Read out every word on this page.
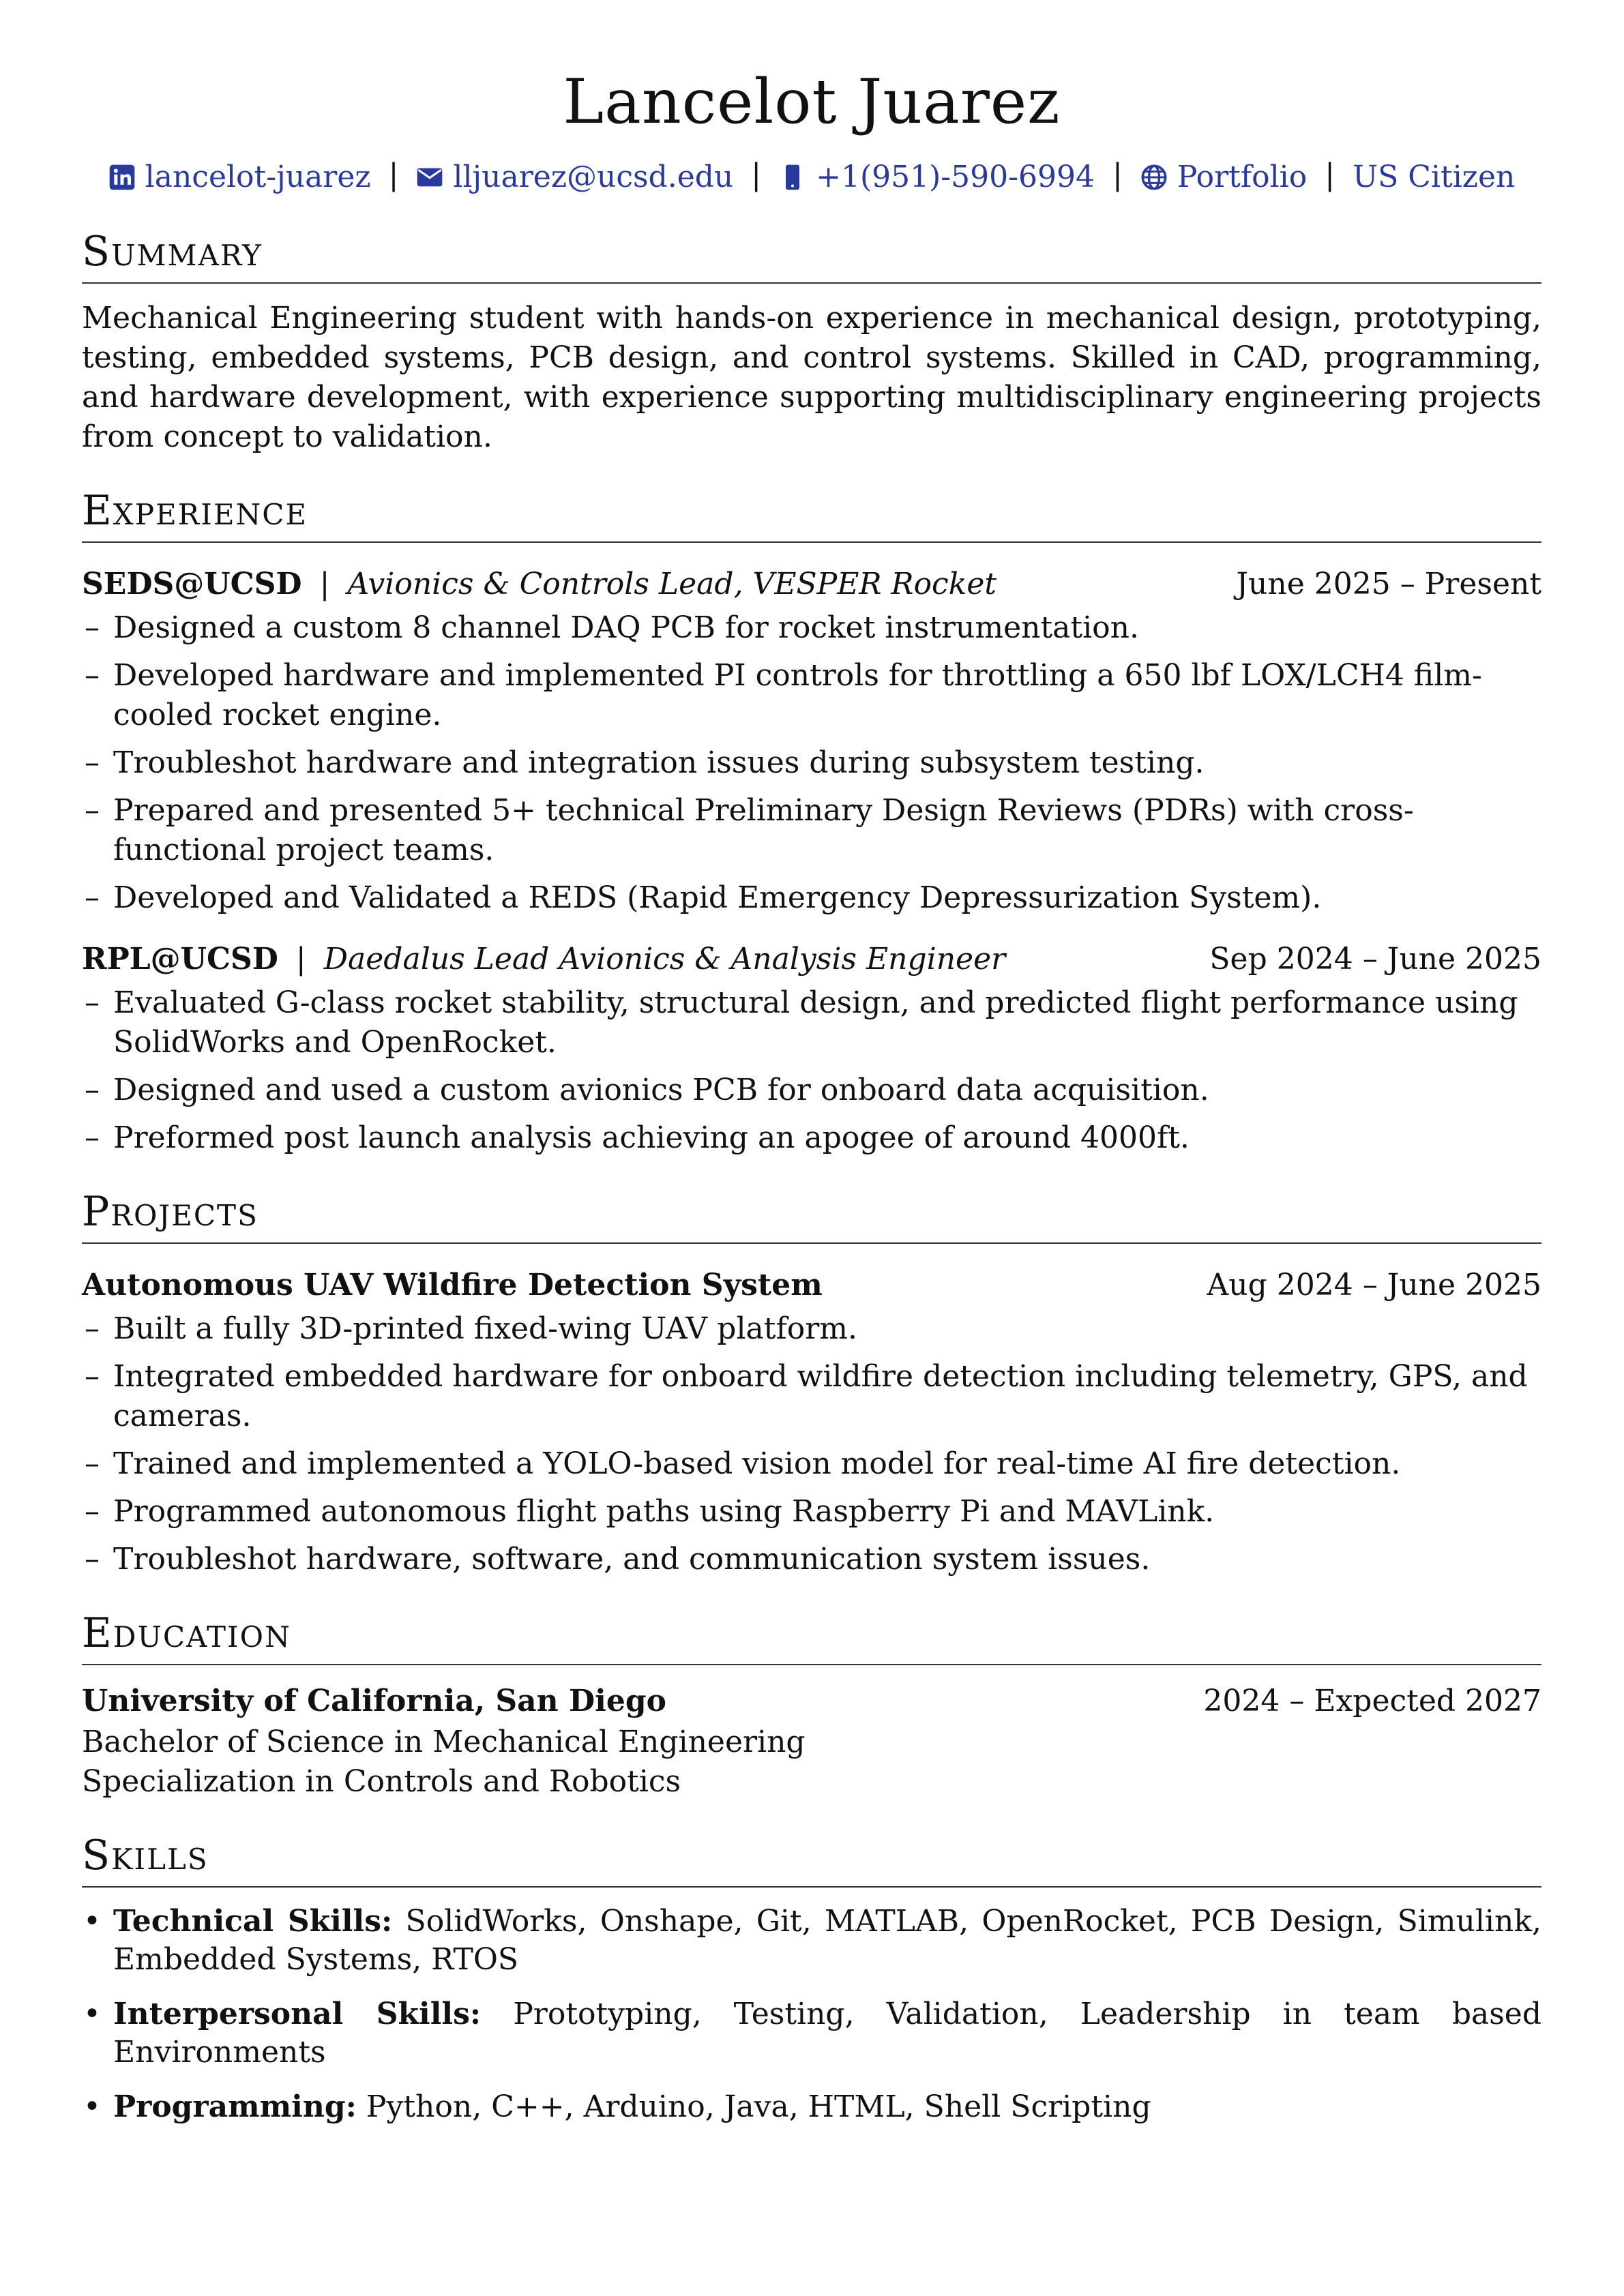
Lancelot Juarez
lancelot-juarez | lljuarez@ucsd.edu | +1(951)-590-6994 | Portfolio | US Citizen
Summary
Mechanical Engineering student with hands-on experience in mechanical design, prototyping, testing, embedded systems, PCB design, and control systems. Skilled in CAD, programming, and hardware development, with experience supporting multidisciplinary engineering projects from concept to validation.
Experience
SEDS@UCSD | Avionics & Controls Lead, VESPER Rocket	June 2025 – Present
– Designed a custom 8 channel DAQ PCB for rocket instrumentation.
– Developed hardware and implemented PI controls for throttling a 650 lbf LOX/LCH4 film-cooled rocket engine.
– Troubleshot hardware and integration issues during subsystem testing.
– Prepared and presented 5+ technical Preliminary Design Reviews (PDRs) with cross-functional project teams.
– Developed and Validated a REDS (Rapid Emergency Depressurization System).
RPL@UCSD | Daedalus Lead Avionics & Analysis Engineer	Sep 2024 – June 2025
– Evaluated G-class rocket stability, structural design, and predicted flight performance using SolidWorks and OpenRocket.
– Designed and used a custom avionics PCB for onboard data acquisition.
– Preformed post launch analysis achieving an apogee of around 4000ft.
Projects
Autonomous UAV Wildfire Detection System	Aug 2024 – June 2025
– Built a fully 3D-printed fixed-wing UAV platform.
– Integrated embedded hardware for onboard wildfire detection including telemetry, GPS, and cameras.
– Trained and implemented a YOLO-based vision model for real-time AI fire detection.
– Programmed autonomous flight paths using Raspberry Pi and MAVLink.
– Troubleshot hardware, software, and communication system issues.
Education
University of California, San Diego	2024 – Expected 2027
Bachelor of Science in Mechanical Engineering
Specialization in Controls and Robotics
Skills
• Technical Skills: SolidWorks, Onshape, Git, MATLAB, OpenRocket, PCB Design, Simulink, Embedded Systems, RTOS
• Interpersonal Skills: Prototyping, Testing, Validation, Leadership in team based Environments
• Programming: Python, C++, Arduino, Java, HTML, Shell Scripting
